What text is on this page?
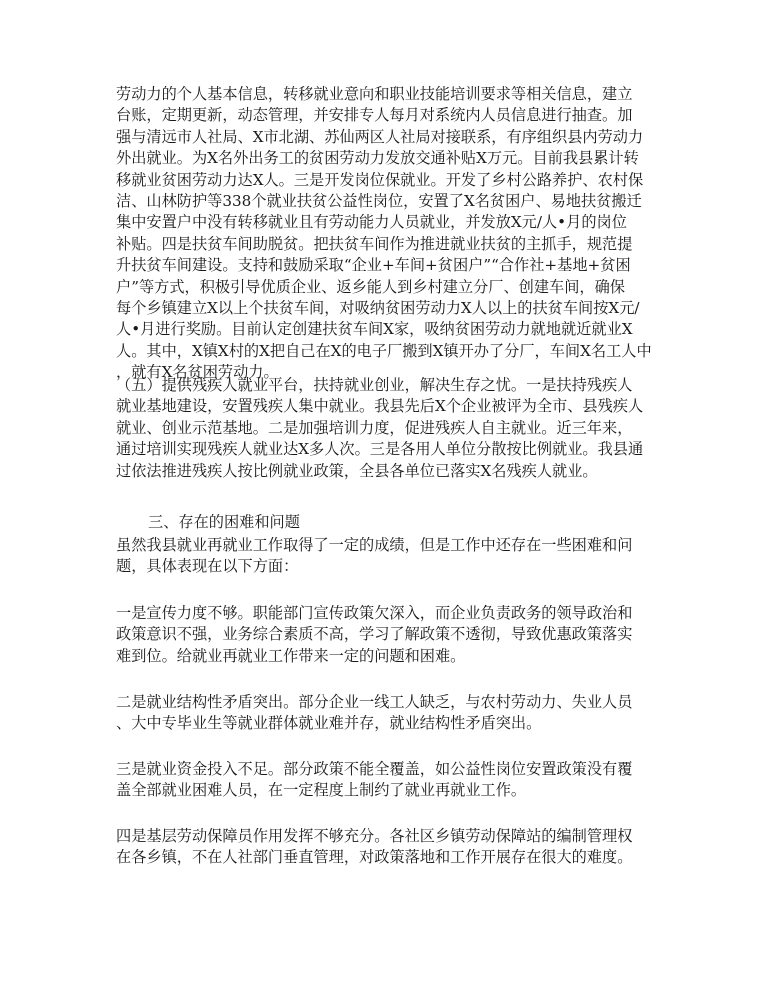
劳动力的个人基本信息，转移就业意向和职业技能培训要求等相关信息，建立
台账，定期更新，动态管理，并安排专人每月对系统内人员信息进行抽查。加
强与清远市人社局、X市北湖、苏仙两区人社局对接联系，有序组织县内劳动力
外出就业。为X名外出务工的贫困劳动力发放交通补贴X万元。目前我县累计转
移就业贫困劳动力达X人。三是开发岗位保就业。开发了乡村公路养护、农村保
洁、山林防护等338个就业扶贫公益性岗位，安置了X名贫困户、易地扶贫搬迁
集中安置户中没有转移就业且有劳动能力人员就业，并发放X元/人•月的岗位
补贴。四是扶贫车间助脱贫。把扶贫车间作为推进就业扶贫的主抓手，规范提
升扶贫车间建设。支持和鼓励采取“企业+车间+贫困户”“合作社+基地+贫困
户”等方式，积极引导优质企业、返乡能人到乡村建立分厂、创建车间，确保
每个乡镇建立X以上个扶贫车间，对吸纳贫困劳动力X人以上的扶贫车间按X元/
人•月进行奖励。目前认定创建扶贫车间X家，吸纳贫困劳动力就地就近就业X
人。其中，X镇X村的X把自己在X的电子厂搬到X镇开办了分厂，车间X名工人中
，就有X名贫困劳动力。

（五）提供残疾人就业平台，扶持就业创业，解决生存之忧。一是扶持残疾人
就业基地建设，安置残疾人集中就业。我县先后X个企业被评为全市、县残疾人
就业、创业示范基地。二是加强培训力度，促进残疾人自主就业。近三年来，
通过培训实现残疾人就业达X多人次。三是各用人单位分散按比例就业。我县通
过依法推进残疾人按比例就业政策，全县各单位已落实X名残疾人就业。

三、存在的困难和问题

虽然我县就业再就业工作取得了一定的成绩，但是工作中还存在一些困难和问
题，具体表现在以下方面：

一是宣传力度不够。职能部门宣传政策欠深入，而企业负责政务的领导政治和
政策意识不强，业务综合素质不高，学习了解政策不透彻，导致优惠政策落实
难到位。给就业再就业工作带来一定的问题和困难。

二是就业结构性矛盾突出。部分企业一线工人缺乏，与农村劳动力、失业人员
、大中专毕业生等就业群体就业难并存，就业结构性矛盾突出。

三是就业资金投入不足。部分政策不能全覆盖，如公益性岗位安置政策没有覆
盖全部就业困难人员，在一定程度上制约了就业再就业工作。

四是基层劳动保障员作用发挥不够充分。各社区乡镇劳动保障站的编制管理权
在各乡镇，不在人社部门垂直管理，对政策落地和工作开展存在很大的难度。
